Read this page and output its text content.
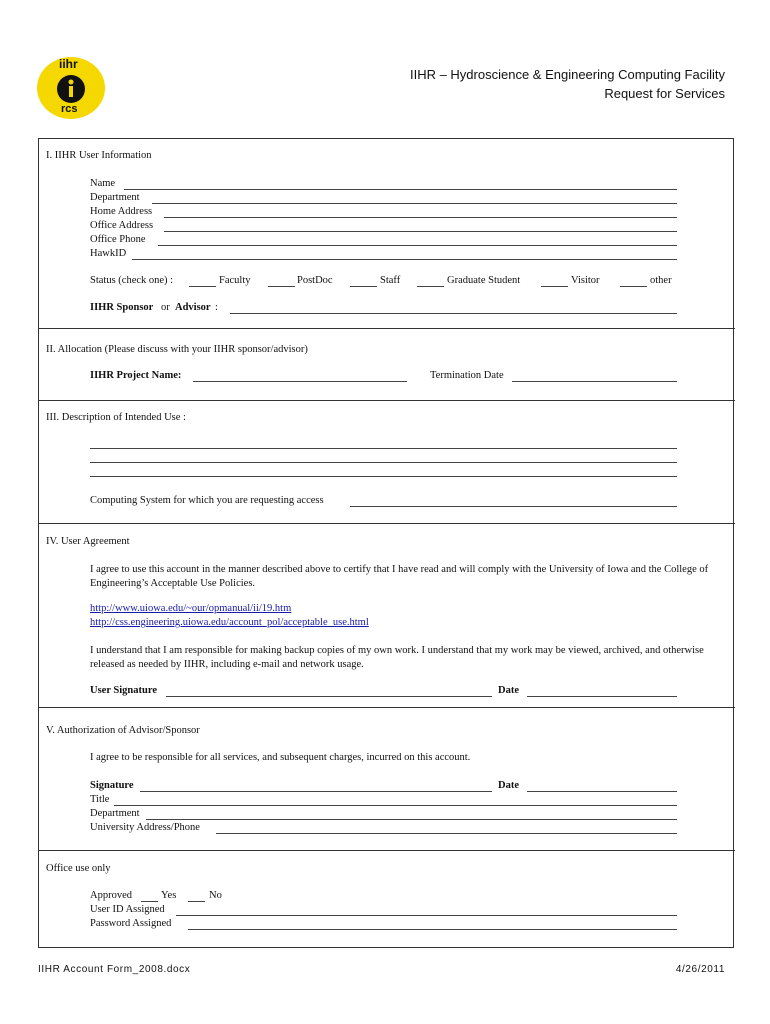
iihr
rcs
IIHR – Hydroscience & Engineering Computing Facility
Request for Services
I. IIHR User Information
Name
Department
Home Address
Office Address
Office Phone
HawkID
Status (check one) :	Faculty	PostDoc	Staff	Graduate Student	Visitor	other
IIHR Sponsor or Advisor :
II. Allocation (Please discuss with your IIHR sponsor/advisor)
IIHR Project Name:	Termination Date
III. Description of Intended Use :
Computing System for which you are requesting access
IV. User Agreement
I agree to use this account in the manner described above to certify that I have read and will comply with the University of Iowa and the College of Engineering’s Acceptable Use Policies.
http://www.uiowa.edu/~our/opmanual/ii/19.htm
http://css.engineering.uiowa.edu/account_pol/acceptable_use.html
I understand that I am responsible for making backup copies of my own work. I understand that my work may be viewed, archived, and otherwise released as needed by IIHR, including e-mail and network usage.
User Signature	Date
V. Authorization of Advisor/Sponsor
I agree to be responsible for all services, and subsequent charges, incurred on this account.
Signature	Date
Title
Department
University Address/Phone
Office use only
Approved	Yes	No
User ID Assigned
Password Assigned
IIHR Account Form_2008.docx	4/26/2011
